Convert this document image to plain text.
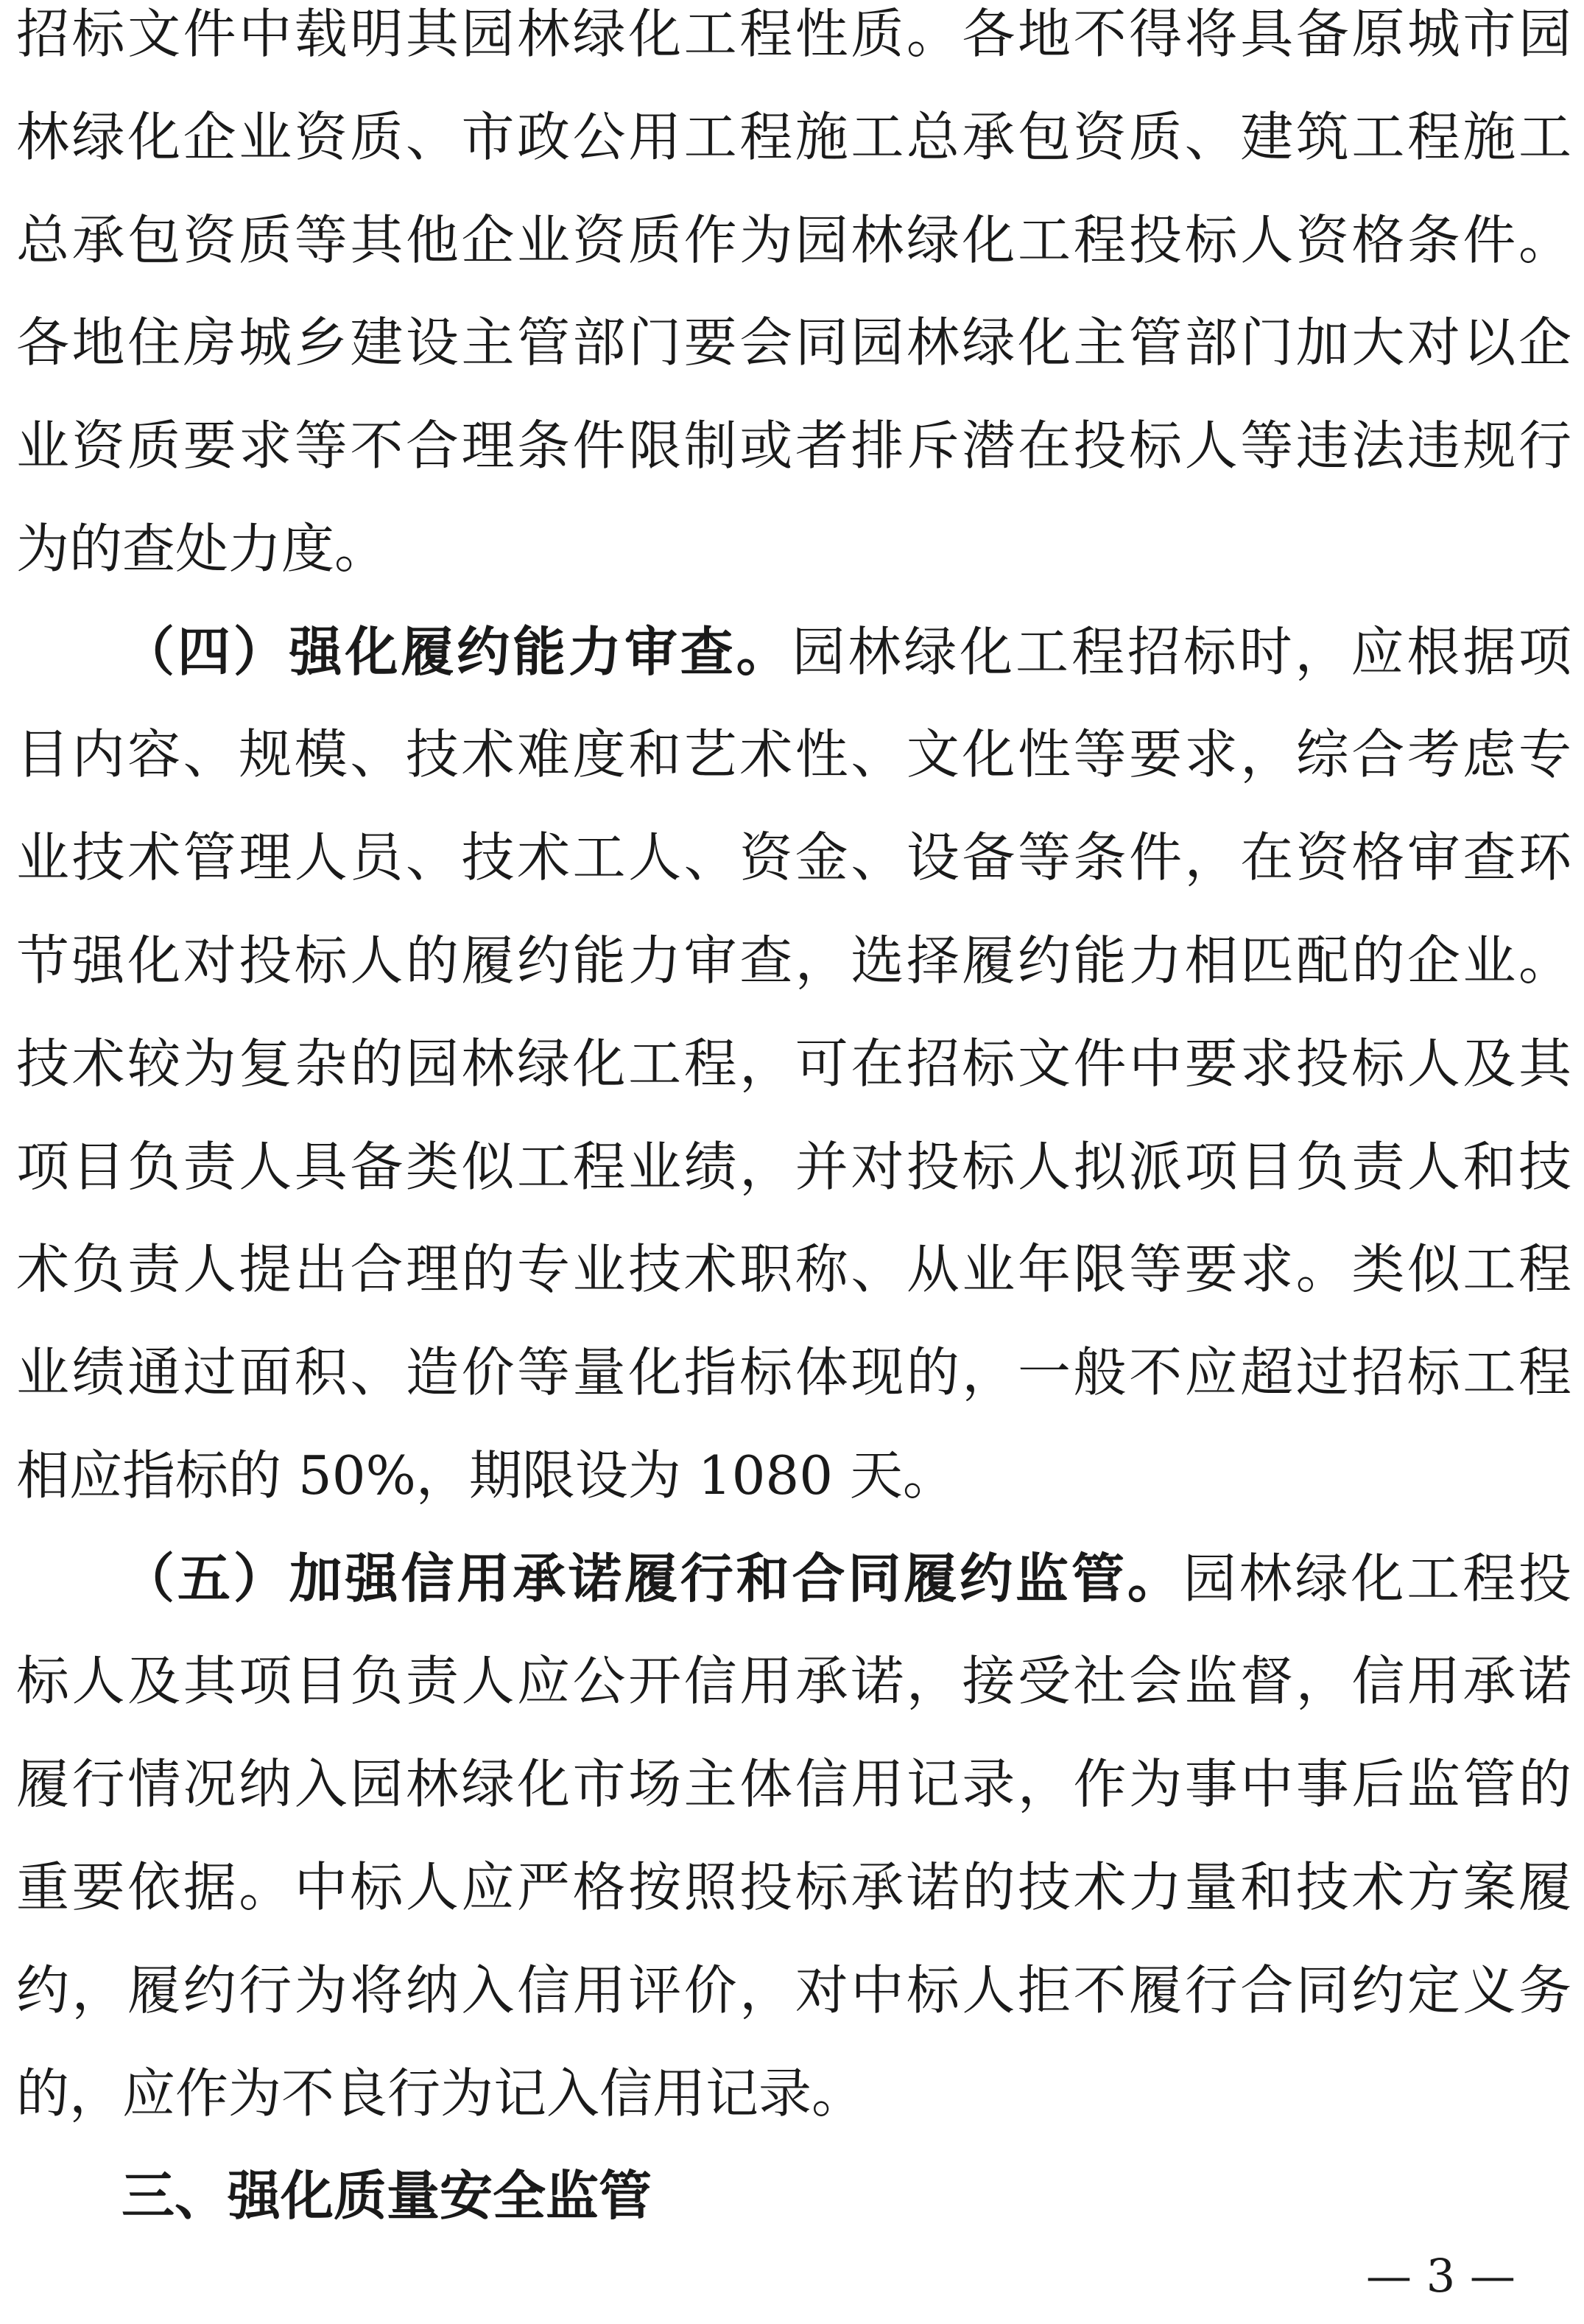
招标文件中载明其园林绿化工程性质。各地不得将具备原城市园
林绿化企业资质、市政公用工程施工总承包资质、建筑工程施工
总承包资质等其他企业资质作为园林绿化工程投标人资格条件。
各地住房城乡建设主管部门要会同园林绿化主管部门加大对以企
业资质要求等不合理条件限制或者排斥潜在投标人等违法违规行
为的查处力度。
（四）强化履约能力审查。园林绿化工程招标时，应根据项
目内容、规模、技术难度和艺术性、文化性等要求，综合考虑专
业技术管理人员、技术工人、资金、设备等条件，在资格审查环
节强化对投标人的履约能力审查，选择履约能力相匹配的企业。
技术较为复杂的园林绿化工程，可在招标文件中要求投标人及其
项目负责人具备类似工程业绩，并对投标人拟派项目负责人和技
术负责人提出合理的专业技术职称、从业年限等要求。类似工程
业绩通过面积、造价等量化指标体现的，一般不应超过招标工程
相应指标的 50%，期限设为 1080 天。
（五）加强信用承诺履行和合同履约监管。园林绿化工程投
标人及其项目负责人应公开信用承诺，接受社会监督，信用承诺
履行情况纳入园林绿化市场主体信用记录，作为事中事后监管的
重要依据。中标人应严格按照投标承诺的技术力量和技术方案履
约，履约行为将纳入信用评价，对中标人拒不履行合同约定义务
的，应作为不良行为记入信用记录。
三、强化质量安全监管
— 3 —
